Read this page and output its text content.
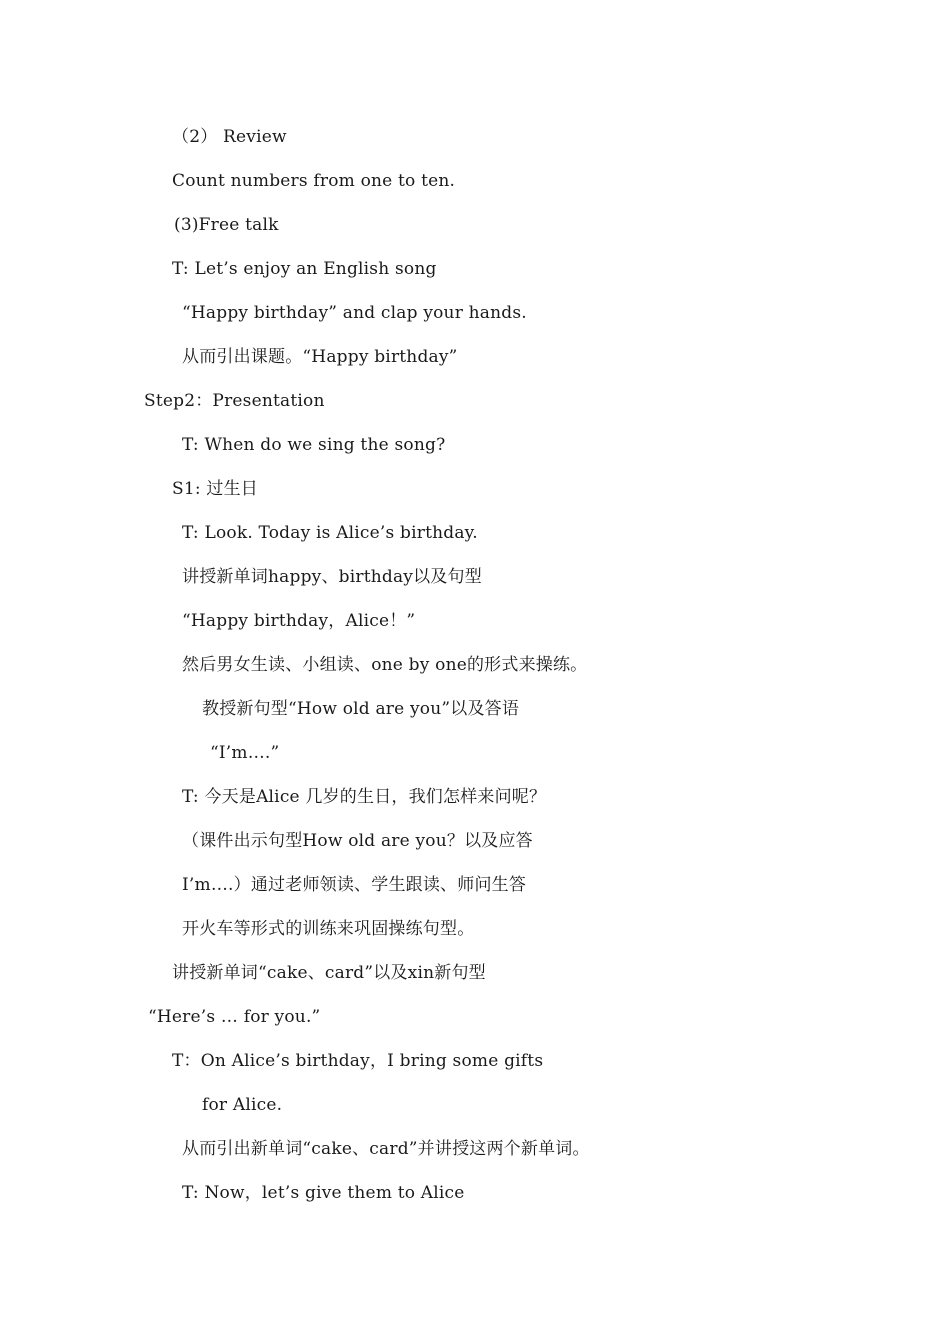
（2） Review
Count numbers from one to ten.
(3)Free talk
T: Let’s enjoy an English song
“Happy birthday” and clap your hands.
从而引出课题。“Happy birthday”
Step2：Presentation
T: When do we sing the song?
S1: 过生日
T: Look. Today is Alice’s birthday.
讲授新单词happy、birthday以及句型
“Happy birthday，Alice！”
然后男女生读、小组读、one by one的形式来操练。
教授新句型“How old are you”以及答语
“I’m….”
T: 今天是Alice 几岁的生日，我们怎样来问呢？
（课件出示句型How old are you？以及应答
I’m….）通过老师领读、学生跟读、师问生答
开火车等形式的训练来巩固操练句型。
讲授新单词“cake、card”以及xin新句型
“Here’s … for you.”
T：On Alice’s birthday，I bring some gifts
for Alice.
从而引出新单词“cake、card”并讲授这两个新单词。
T: Now，let’s give them to Alice
